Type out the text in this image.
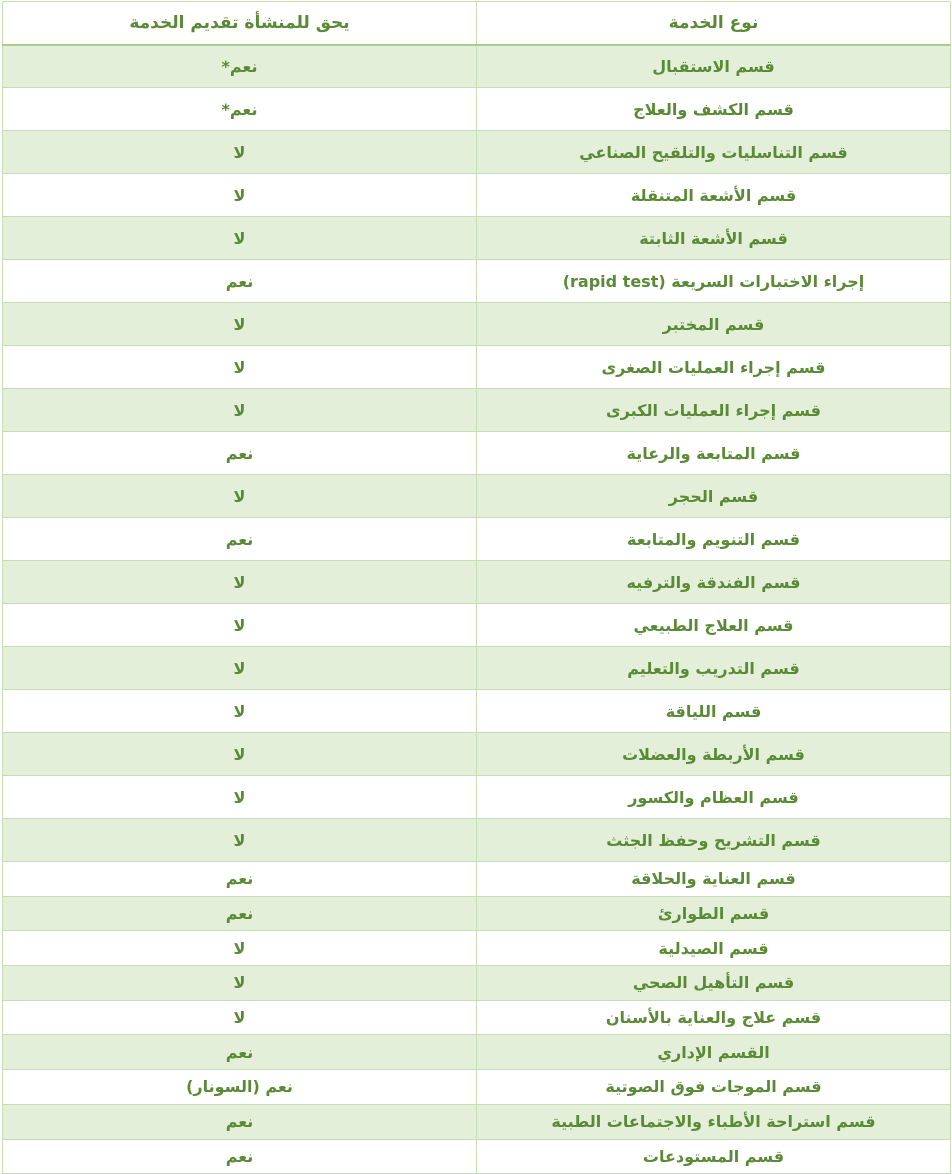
نوع الخدمة	يحق للمنشأة تقديم الخدمة
قسم الاستقبال	نعم*
قسم الكشف والعلاج	نعم*
قسم التناسليات والتلقيح الصناعي	لا
قسم الأشعة المتنقلة	لا
قسم الأشعة الثابتة	لا
إجراء الاختبارات السريعة (rapid test)	نعم
قسم المختبر	لا
قسم إجراء العمليات الصغرى	لا
قسم إجراء العمليات الكبرى	لا
قسم المتابعة والرعاية	نعم
قسم الحجر	لا
قسم التنويم والمتابعة	نعم
قسم الفندقة والترفيه	لا
قسم العلاج الطبيعي	لا
قسم التدريب والتعليم	لا
قسم اللياقة	لا
قسم الأربطة والعضلات	لا
قسم العظام والكسور	لا
قسم التشريح وحفظ الجثث	لا
قسم العناية والحلاقة	نعم
قسم الطوارئ	نعم
قسم الصيدلية	لا
قسم التأهيل الصحي	لا
قسم علاج والعناية بالأسنان	لا
القسم الإداري	نعم
قسم الموجات فوق الصوتية	نعم (السونار)
قسم استراحة الأطباء والاجتماعات الطبية	نعم
قسم المستودعات	نعم
